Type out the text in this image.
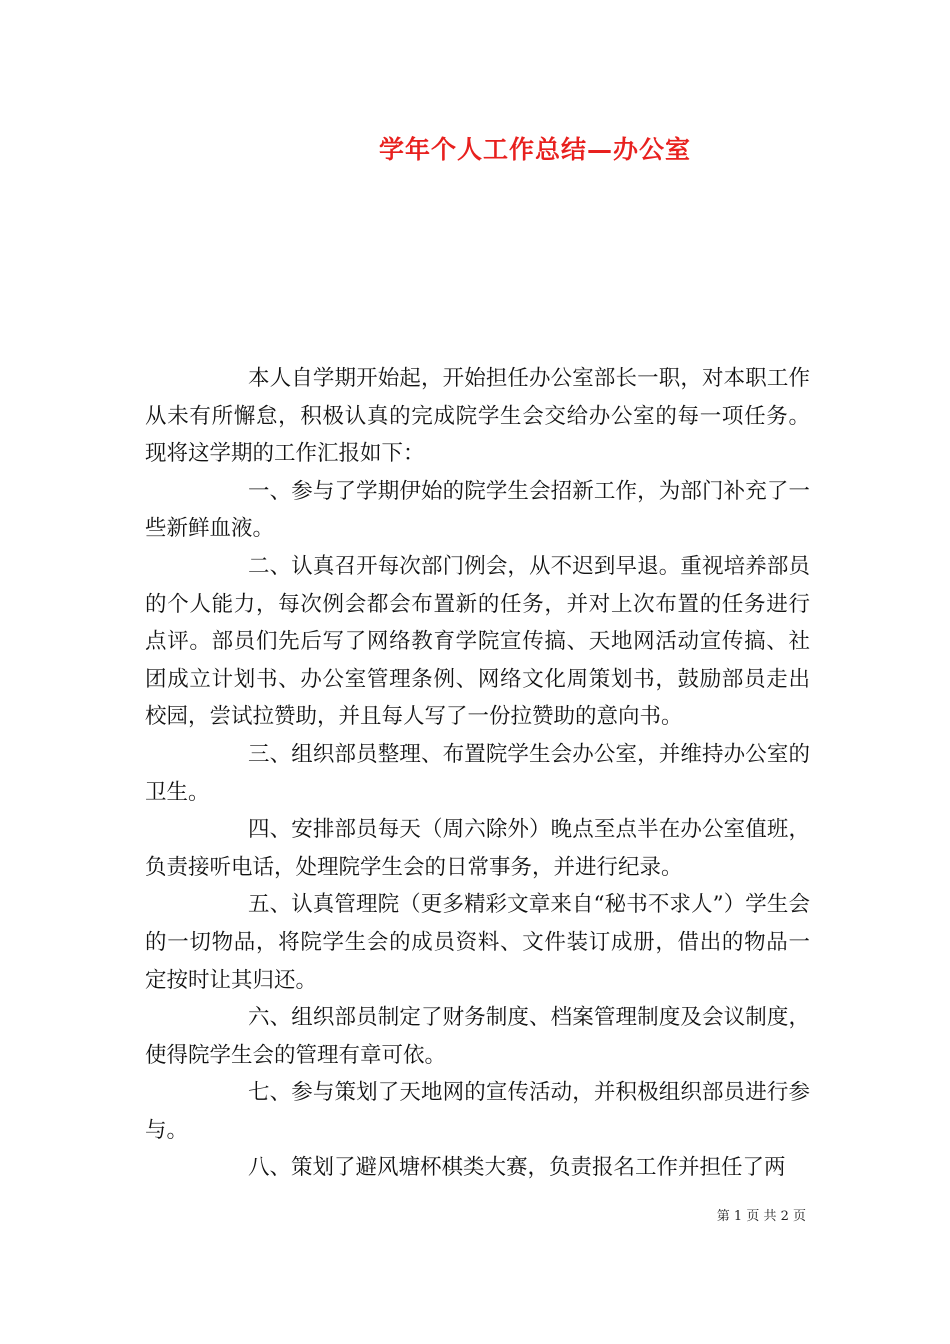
学年个人工作总结—办公室

本人自学期开始起，开始担任办公室部长一职，对本职工作从未有所懈怠，积极认真的完成院学生会交给办公室的每一项任务。现将这学期的工作汇报如下：

一、参与了学期伊始的院学生会招新工作，为部门补充了一些新鲜血液。

二、认真召开每次部门例会，从不迟到早退。重视培养部员的个人能力，每次例会都会布置新的任务，并对上次布置的任务进行点评。部员们先后写了网络教育学院宣传搞、天地网活动宣传搞、社团成立计划书、办公室管理条例、网络文化周策划书，鼓励部员走出校园，尝试拉赞助，并且每人写了一份拉赞助的意向书。

三、组织部员整理、布置院学生会办公室，并维持办公室的卫生。

四、安排部员每天（周六除外）晚点至点半在办公室值班，负责接听电话，处理院学生会的日常事务，并进行纪录。

五、认真管理院（更多精彩文章来自“秘书不求人”）学生会的一切物品，将院学生会的成员资料、文件装订成册，借出的物品一定按时让其归还。

六、组织部员制定了财务制度、档案管理制度及会议制度，使得院学生会的管理有章可依。

七、参与策划了天地网的宣传活动，并积极组织部员进行参与。

八、策划了避风塘杯棋类大赛，负责报名工作并担任了两

第 1 页 共 2 页
